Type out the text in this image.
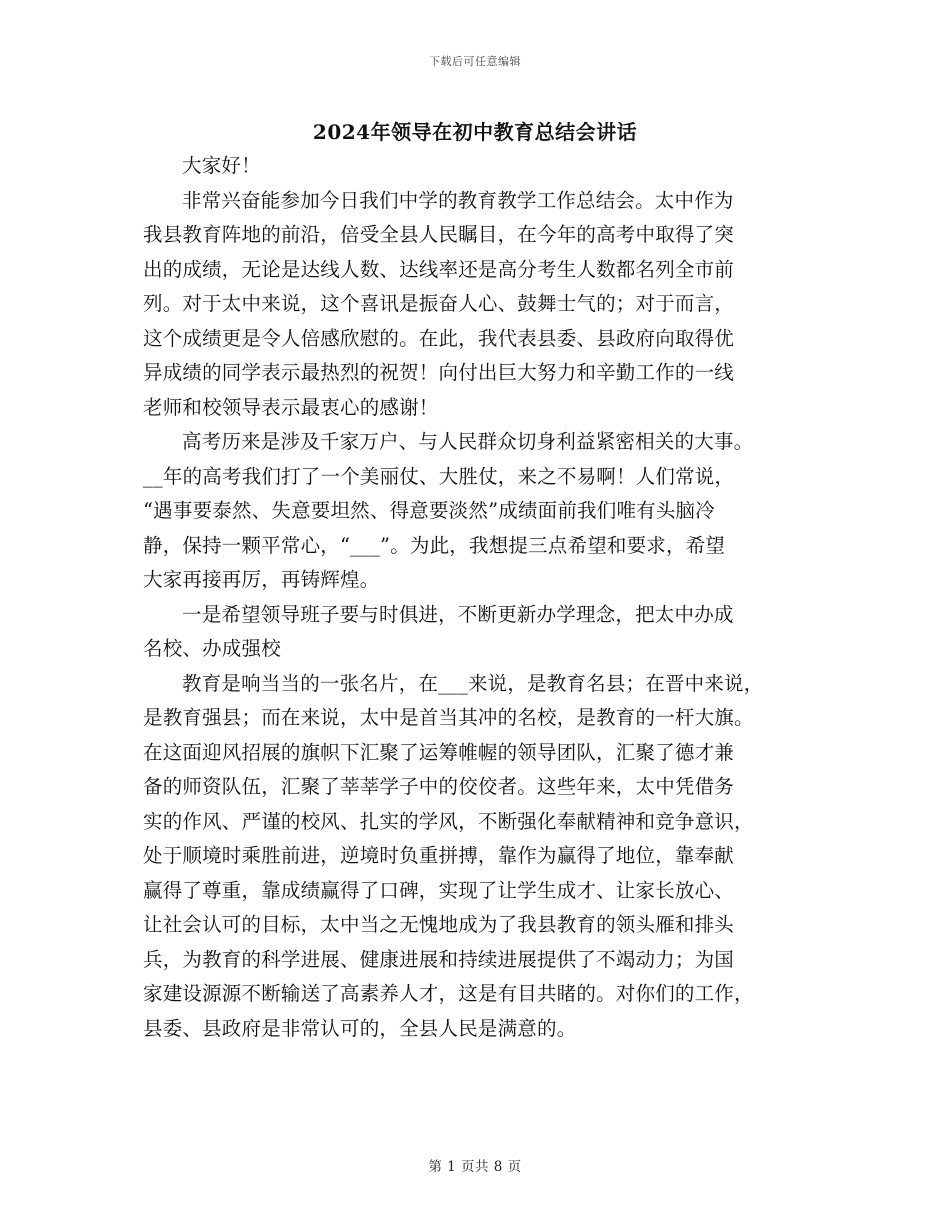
下载后可任意编辑
2024年领导在初中教育总结会讲话

大家好！

非常兴奋能参加今日我们中学的教育教学工作总结会。太中作为
我县教育阵地的前沿，倍受全县人民瞩目，在今年的高考中取得了突
出的成绩，无论是达线人数、达线率还是高分考生人数都名列全市前
列。对于太中来说，这个喜讯是振奋人心、鼓舞士气的；对于而言，
这个成绩更是令人倍感欣慰的。在此，我代表县委、县政府向取得优
异成绩的同学表示最热烈的祝贺！向付出巨大努力和辛勤工作的一线
老师和校领导表示最衷心的感谢！

高考历来是涉及千家万户、与人民群众切身利益紧密相关的大事。
__年的高考我们打了一个美丽仗、大胜仗，来之不易啊！人们常说，
“遇事要泰然、失意要坦然、得意要淡然”成绩面前我们唯有头脑冷
静，保持一颗平常心，“___”。为此，我想提三点希望和要求，希望
大家再接再厉，再铸辉煌。

一是希望领导班子要与时俱进，不断更新办学理念，把太中办成
名校、办成强校

教育是响当当的一张名片，在___来说，是教育名县；在晋中来说，
是教育强县；而在来说，太中是首当其冲的名校，是教育的一杆大旗。
在这面迎风招展的旗帜下汇聚了运筹帷幄的领导团队，汇聚了德才兼
备的师资队伍，汇聚了莘莘学子中的佼佼者。这些年来，太中凭借务
实的作风、严谨的校风、扎实的学风，不断强化奉献精神和竞争意识，
处于顺境时乘胜前进，逆境时负重拼搏，靠作为赢得了地位，靠奉献
赢得了尊重，靠成绩赢得了口碑，实现了让学生成才、让家长放心、
让社会认可的目标，太中当之无愧地成为了我县教育的领头雁和排头
兵，为教育的科学进展、健康进展和持续进展提供了不竭动力；为国
家建设源源不断输送了高素养人才，这是有目共睹的。对你们的工作，
县委、县政府是非常认可的，全县人民是满意的。

第 1 页共 8 页
